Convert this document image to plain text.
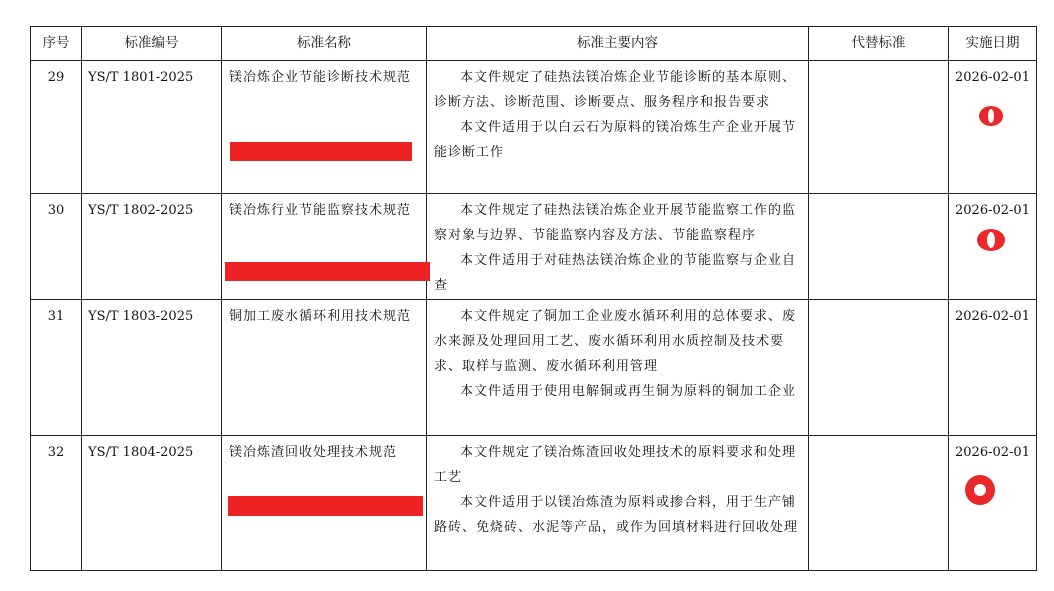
序号	标准编号	标准名称	标准主要内容	代替标准	实施日期
29	YS/T 1801-2025	镁冶炼企业节能诊断技术规范	本文件规定了硅热法镁冶炼企业节能诊断的基本原则、诊断方法、诊断范围、诊断要点、服务程序和报告要求

本文件适用于以白云石为原料的镁冶炼生产企业开展节能诊断工作		2026-02-01
30	YS/T 1802-2025	镁冶炼行业节能监察技术规范	本文件规定了硅热法镁冶炼企业开展节能监察工作的监察对象与边界、节能监察内容及方法、节能监察程序

本文件适用于对硅热法镁冶炼企业的节能监察与企业自查		2026-02-01
31	YS/T 1803-2025	铜加工废水循环利用技术规范	本文件规定了铜加工企业废水循环利用的总体要求、废水来源及处理回用工艺、废水循环利用水质控制及技术要求、取样与监测、废水循环利用管理

本文件适用于使用电解铜或再生铜为原料的铜加工企业		2026-02-01
32	YS/T 1804-2025	镁冶炼渣回收处理技术规范	本文件规定了镁冶炼渣回收处理技术的原料要求和处理工艺

本文件适用于以镁冶炼渣为原料或掺合料，用于生产铺路砖、免烧砖、水泥等产品，或作为回填材料进行回收处理		2026-02-01
